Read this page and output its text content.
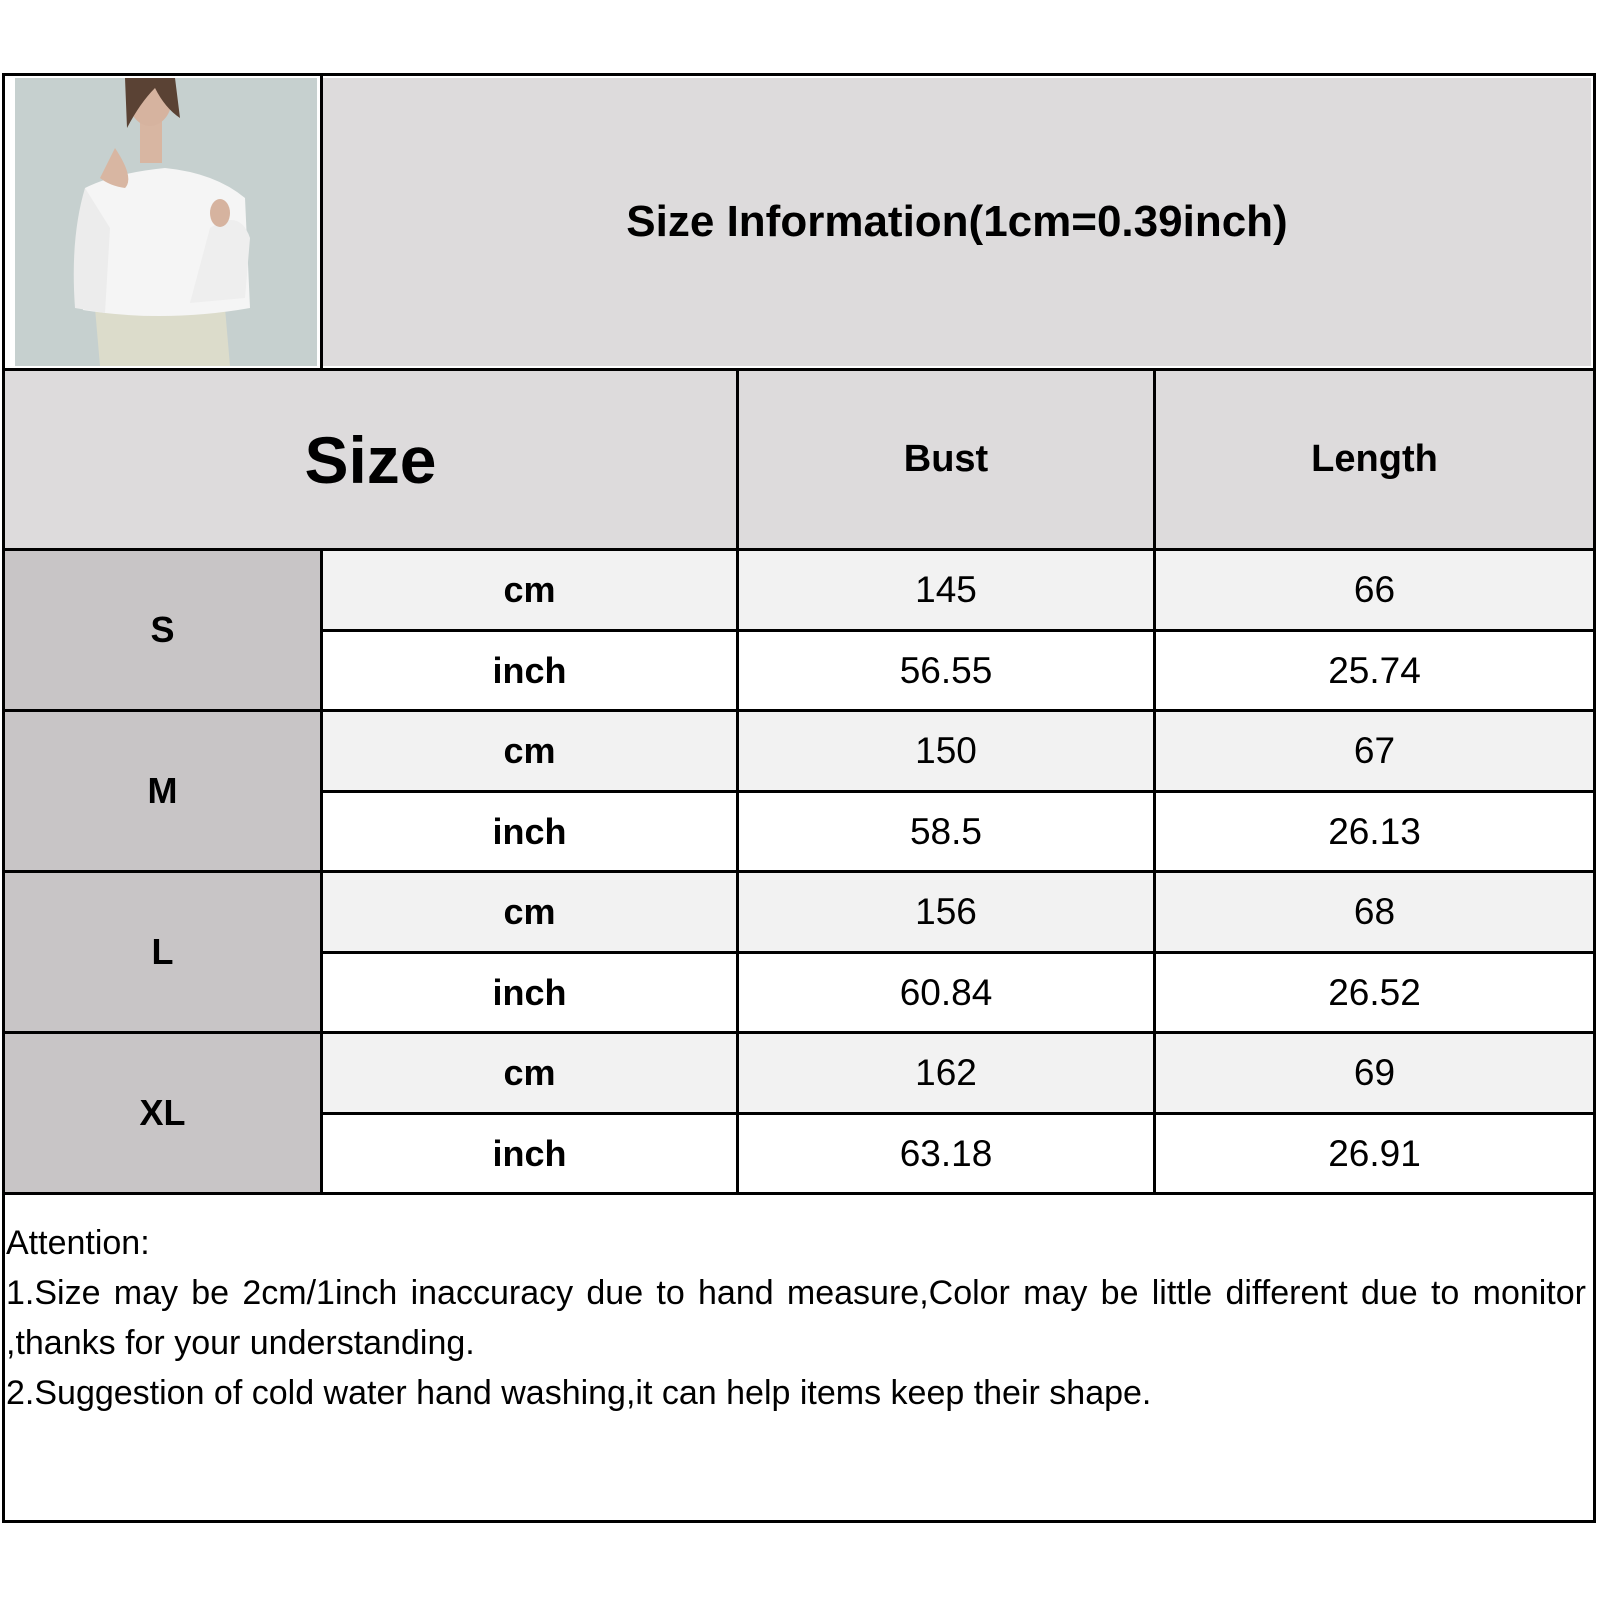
Size Information(1cm=0.39inch)
Size	Bust	Length
S
cm	145	66
inch	56.55	25.74
M
cm	150	67
inch	58.5	26.13
L
cm	156	68
inch	60.84	26.52
XL
cm	162	69
inch	63.18	26.91
Attention:
1.Size may be 2cm/1inch inaccuracy due to hand measure,Color may be little different due to monitor ,thanks for your understanding.
2.Suggestion of cold water hand washing,it can help items keep their shape.
